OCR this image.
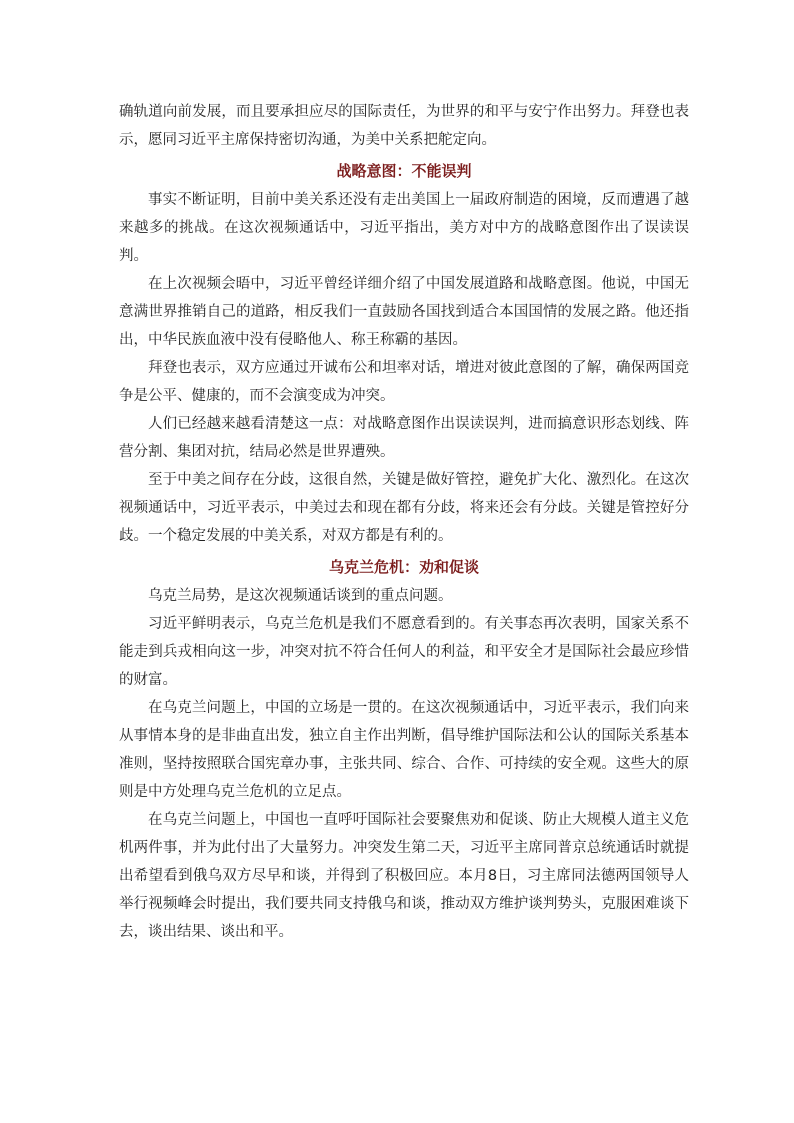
确轨道向前发展，而且要承担应尽的国际责任，为世界的和平与安宁作出努力。拜登也表示，愿同习近平主席保持密切沟通，为美中关系把舵定向。

战略意图：不能误判

事实不断证明，目前中美关系还没有走出美国上一届政府制造的困境，反而遭遇了越来越多的挑战。在这次视频通话中，习近平指出，美方对中方的战略意图作出了误读误判。

在上次视频会晤中，习近平曾经详细介绍了中国发展道路和战略意图。他说，中国无意满世界推销自己的道路，相反我们一直鼓励各国找到适合本国国情的发展之路。他还指出，中华民族血液中没有侵略他人、称王称霸的基因。

拜登也表示，双方应通过开诚布公和坦率对话，增进对彼此意图的了解，确保两国竞争是公平、健康的，而不会演变成为冲突。

人们已经越来越看清楚这一点：对战略意图作出误读误判，进而搞意识形态划线、阵营分割、集团对抗，结局必然是世界遭殃。

至于中美之间存在分歧，这很自然，关键是做好管控，避免扩大化、激烈化。在这次视频通话中，习近平表示，中美过去和现在都有分歧，将来还会有分歧。关键是管控好分歧。一个稳定发展的中美关系，对双方都是有利的。

乌克兰危机：劝和促谈

乌克兰局势，是这次视频通话谈到的重点问题。

习近平鲜明表示，乌克兰危机是我们不愿意看到的。有关事态再次表明，国家关系不能走到兵戎相向这一步，冲突对抗不符合任何人的利益，和平安全才是国际社会最应珍惜的财富。

在乌克兰问题上，中国的立场是一贯的。在这次视频通话中，习近平表示，我们向来从事情本身的是非曲直出发，独立自主作出判断，倡导维护国际法和公认的国际关系基本准则，坚持按照联合国宪章办事，主张共同、综合、合作、可持续的安全观。这些大的原则是中方处理乌克兰危机的立足点。

在乌克兰问题上，中国也一直呼吁国际社会要聚焦劝和促谈、防止大规模人道主义危机两件事，并为此付出了大量努力。冲突发生第二天，习近平主席同普京总统通话时就提出希望看到俄乌双方尽早和谈，并得到了积极回应。本月8日，习主席同法德两国领导人举行视频峰会时提出，我们要共同支持俄乌和谈，推动双方维护谈判势头，克服困难谈下去，谈出结果、谈出和平。
